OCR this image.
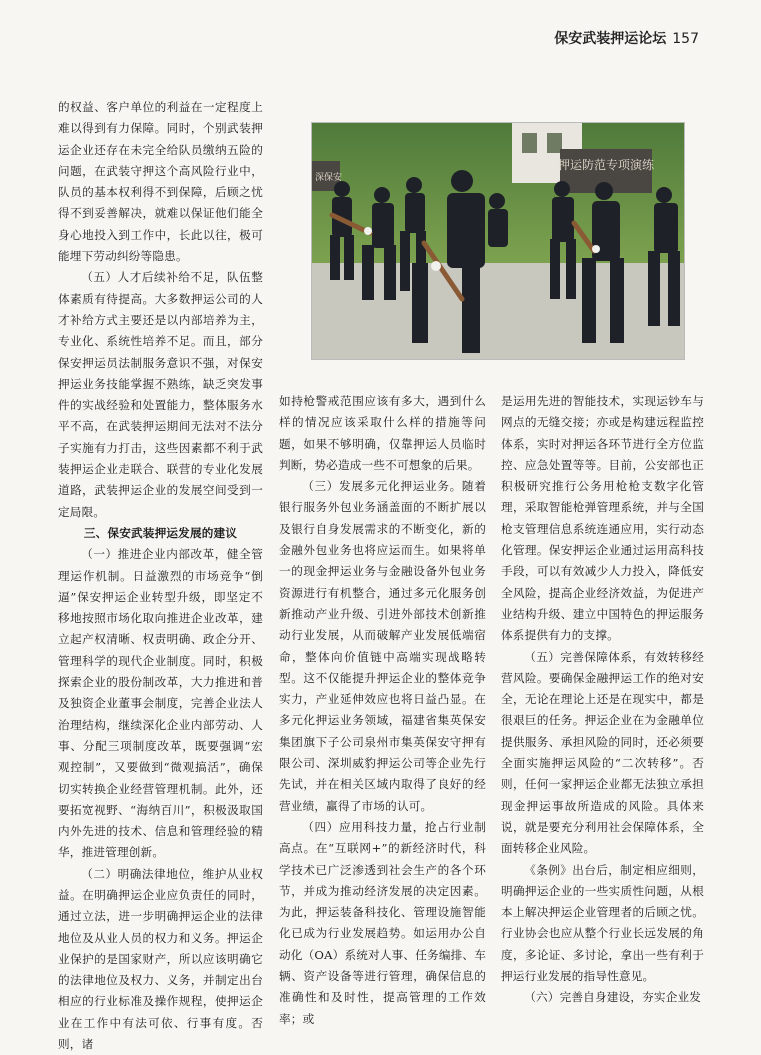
保安武装押运论坛 157

的权益、客户单位的利益在一定程度上难以得到有力保障。同时，个别武装押运企业还存在未完全给队员缴纳五险的问题，在武装守押这个高风险行业中，队员的基本权利得不到保障，后顾之忧得不到妥善解决，就难以保证他们能全身心地投入到工作中，长此以往，极可能埋下劳动纠纷等隐患。

（五）人才后续补给不足，队伍整体素质有待提高。大多数押运公司的人才补给方式主要还是以内部培养为主，专业化、系统性培养不足。而且，部分保安押运员法制服务意识不强，对保安押运业务技能掌握不熟练，缺乏突发事件的实战经验和处置能力，整体服务水平不高，在武装押运期间无法对不法分子实施有力打击，这些因素都不利于武装押运企业走联合、联营的专业化发展道路，武装押运企业的发展空间受到一定局限。

三、保安武装押运发展的建议

（一）推进企业内部改革，健全管理运作机制。日益激烈的市场竞争“倒逼”保安押运企业转型升级，即坚定不移地按照市场化取向推进企业改革，建立起产权清晰、权责明确、政企分开、管理科学的现代企业制度。同时，积极探索企业的股份制改革，大力推进和普及独资企业董事会制度，完善企业法人治理结构，继续深化企业内部劳动、人事、分配三项制度改革，既要强调“宏观控制”，又要做到“微观搞活”，确保切实转换企业经营管理机制。此外，还要拓宽视野、“海纳百川”，积极汲取国内外先进的技术、信息和管理经验的精华，推进管理创新。

（二）明确法律地位，维护从业权益。在明确押运企业应负责任的同时，通过立法，进一步明确押运企业的法律地位及从业人员的权力和义务。押运企业保护的是国家财产，所以应该明确它的法律地位及权力、义务，并制定出台相应的行业标准及操作规程，使押运企业在工作中有法可依、行事有度。否则，诸

如持枪警戒范围应该有多大，遇到什么样的情况应该采取什么样的措施等问题，如果不够明确，仅靠押运人员临时判断，势必造成一些不可想象的后果。

（三）发展多元化押运业务。随着银行服务外包业务涵盖面的不断扩展以及银行自身发展需求的不断变化，新的金融外包业务也将应运而生。如果将单一的现金押运业务与金融设备外包业务资源进行有机整合，通过多元化服务创新推动产业升级、引进外部技术创新推动行业发展，从而破解产业发展低端宿命，整体向价值链中高端实现战略转型。这不仅能提升押运企业的整体竞争实力，产业延伸效应也将日益凸显。在多元化押运业务领域，福建省集英保安集团旗下子公司泉州市集英保安守押有限公司、深圳威豹押运公司等企业先行先试，并在相关区域内取得了良好的经营业绩，赢得了市场的认可。

（四）应用科技力量，抢占行业制高点。在“互联网+”的新经济时代，科学技术已广泛渗透到社会生产的各个环节，并成为推动经济发展的决定因素。为此，押运装备科技化、管理设施智能化已成为行业发展趋势。如运用办公自动化（OA）系统对人事、任务编排、车辆、资产设备等进行管理，确保信息的准确性和及时性，提高管理的工作效率；或

是运用先进的智能技术，实现运钞车与网点的无缝交接；亦或是构建远程监控体系，实时对押运各环节进行全方位监控、应急处置等等。目前，公安部也正积极研究推行公务用枪枪支数字化管理，采取智能枪弹管理系统，并与全国枪支管理信息系统连通应用，实行动态化管理。保安押运企业通过运用高科技手段，可以有效减少人力投入，降低安全风险，提高企业经济效益，为促进产业结构升级、建立中国特色的押运服务体系提供有力的支撑。

（五）完善保障体系，有效转移经营风险。要确保金融押运工作的绝对安全，无论在理论上还是在现实中，都是很艰巨的任务。押运企业在为金融单位提供服务、承担风险的同时，还必须要全面实施押运风险的“二次转移”。否则，任何一家押运企业都无法独立承担现金押运事故所造成的风险。具体来说，就是要充分利用社会保障体系，全面转移企业风险。

《条例》出台后，制定相应细则，明确押运企业的一些实质性问题，从根本上解决押运企业管理者的后顾之忧。行业协会也应从整个行业长远发展的角度，多论证、多讨论，拿出一些有利于押运行业发展的指导性意见。

（六）完善自身建设，夯实企业发

押运防范专项演练
深保安
